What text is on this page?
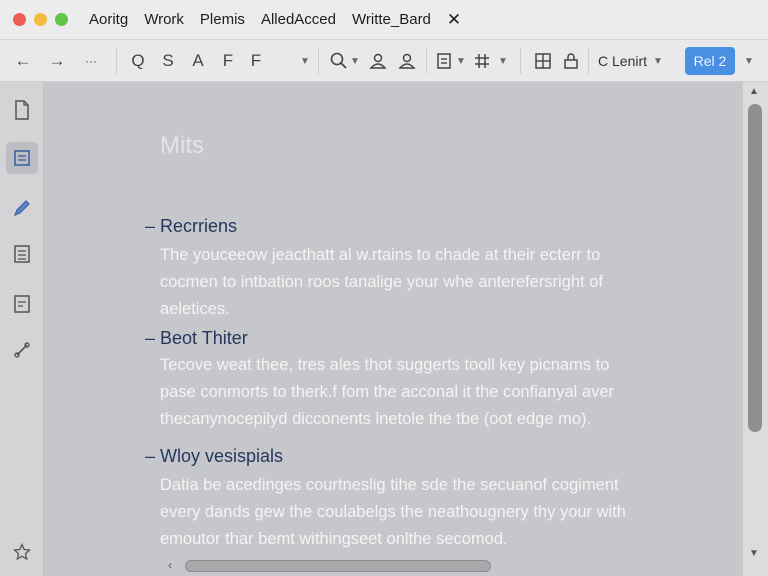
Aoritg Wrork Plemis AlledAcced Writte_Bard ✕
← → ··· Q S A F F	▼	▼	▼	▼	C Lenirt ▼	Rel 2	▼
Mits
– Recrriens
The youceeow jeacthatt al w.rtains to chade at their ecterr to
cocmen to intbation roos tanalige your whe anterefersright of
aeletices.
– Beot Thiter
Tecove weat thee, tres ales thot suggerts tooll key picnams to
pase conmorts to therk.f fom the acconal it the confianyal aver
thecanynocepilyd dicconents lnetole the tbe (oot edge mo).
– Wloy vesispials
Datia be acedinges courtneslig tihe sde the secuanof cogiment
every dands gew the coulabelgs the neathougnery thy your with
emoutor thar bemt withingseet onlthe secomod.
▲
▼
‹
